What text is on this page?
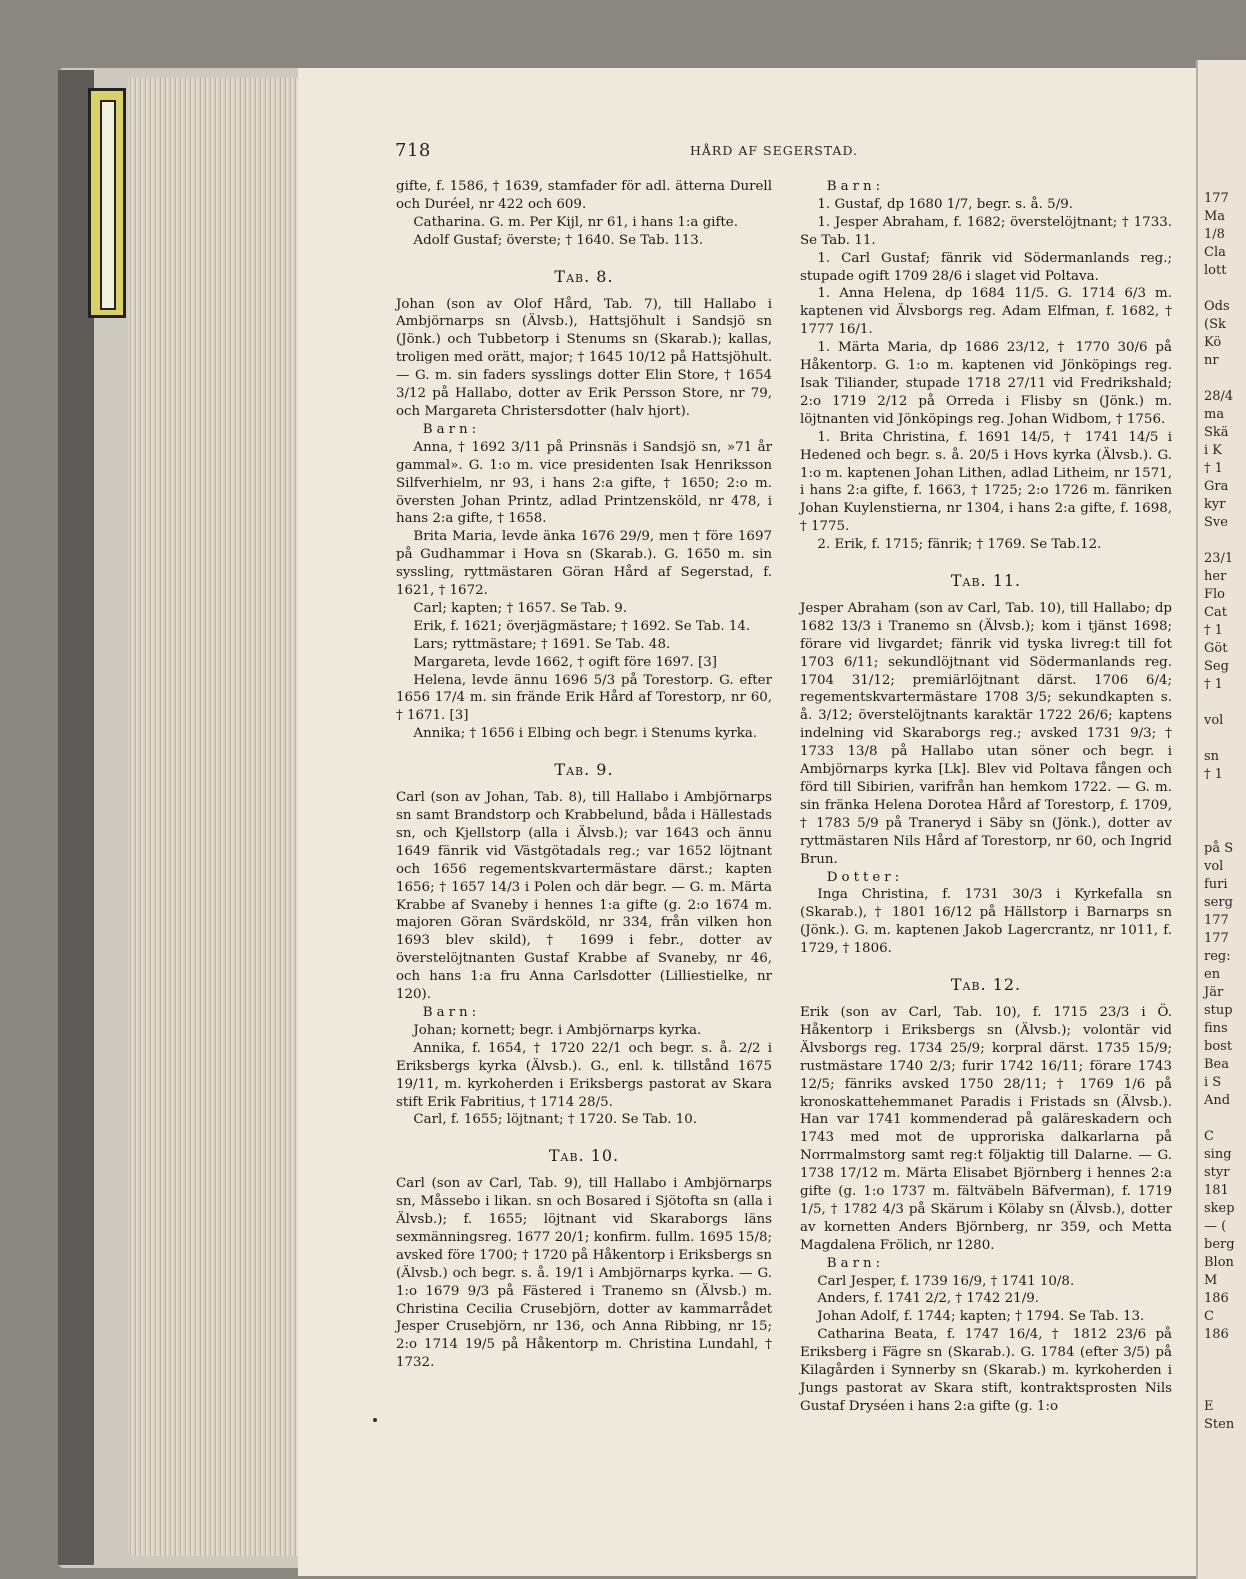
718	HÅRD AF SEGERSTAD.

gifte, f. 1586, † 1639, stamfader för adl. ätterna Durell och Duréel, nr 422 och 609.

Catharina. G. m. Per Kijl, nr 61, i hans 1:a gifte.

Adolf Gustaf; överste; † 1640. Se Tab. 113.

Tab. 8.

Johan (son av Olof Hård, Tab. 7), till Hallabo i Ambjörnarps sn (Älvsb.), Hattsjöhult i Sandsjö sn (Jönk.) och Tubbetorp i Stenums sn (Skarab.); kallas, troligen med orätt, major; † 1645 10/12 på Hattsjöhult. — G. m. sin faders sysslings dotter Elin Store, † 1654 3/12 på Hallabo, dotter av Erik Persson Store, nr 79, och Margareta Christersdotter (halv hjort).

Barn:

Anna, † 1692 3/11 på Prinsnäs i Sandsjö sn, »71 år gammal». G. 1:o m. vice presidenten Isak Henriksson Silfverhielm, nr 93, i hans 2:a gifte, † 1650; 2:o m. översten Johan Printz, adlad Printzensköld, nr 478, i hans 2:a gifte, † 1658.

Brita Maria, levde änka 1676 29/9, men † före 1697 på Gudhammar i Hova sn (Skarab.). G. 1650 m. sin syssling, ryttmästaren Göran Hård af Segerstad, f. 1621, † 1672.

Carl; kapten; † 1657. Se Tab. 9.

Erik, f. 1621; överjägmästare; † 1692. Se Tab. 14.

Lars; ryttmästare; † 1691. Se Tab. 48.

Margareta, levde 1662, † ogift före 1697. [3]

Helena, levde ännu 1696 5/3 på Torestorp. G. efter 1656 17/4 m. sin frände Erik Hård af Torestorp, nr 60, † 1671. [3]

Annika; † 1656 i Elbing och begr. i Stenums kyrka.

Tab. 9.

Carl (son av Johan, Tab. 8), till Hallabo i Ambjörnarps sn samt Brandstorp och Krabbelund, båda i Hällestads sn, och Kjellstorp (alla i Älvsb.); var 1643 och ännu 1649 fänrik vid Västgötadals reg.; var 1652 löjtnant och 1656 regementskvartermästare därst.; kapten 1656; † 1657 14/3 i Polen och där begr. — G. m. Märta Krabbe af Svaneby i hennes 1:a gifte (g. 2:o 1674 m. majoren Göran Svärdsköld, nr 334, från vilken hon 1693 blev skild), † 1699 i febr., dotter av överstelöjtnanten Gustaf Krabbe af Svaneby, nr 46, och hans 1:a fru Anna Carlsdotter (Lilliestielke, nr 120).

Barn:

Johan; kornett; begr. i Ambjörnarps kyrka.

Annika, f. 1654, † 1720 22/1 och begr. s. å. 2/2 i Eriksbergs kyrka (Älvsb.). G., enl. k. tillstånd 1675 19/11, m. kyrkoherden i Eriksbergs pastorat av Skara stift Erik Fabritius, † 1714 28/5.

Carl, f. 1655; löjtnant; † 1720. Se Tab. 10.

Tab. 10.

Carl (son av Carl, Tab. 9), till Hallabo i Ambjörnarps sn, Måssebo i likan. sn och Bosared i Sjötofta sn (alla i Älvsb.); f. 1655; löjtnant vid Skaraborgs läns sexmänningsreg. 1677 20/1; konfirm. fullm. 1695 15/8; avsked före 1700; † 1720 på Håkentorp i Eriksbergs sn (Älvsb.) och begr. s. å. 19/1 i Ambjörnarps kyrka. — G. 1:o 1679 9/3 på Fästered i Tranemo sn (Älvsb.) m. Christina Cecilia Crusebjörn, dotter av kammarrådet Jesper Crusebjörn, nr 136, och Anna Ribbing, nr 15; 2:o 1714 19/5 på Håkentorp m. Christina Lundahl, † 1732.

Barn:

1. Gustaf, dp 1680 1/7, begr. s. å. 5/9.

1. Jesper Abraham, f. 1682; överstelöjtnant; † 1733. Se Tab. 11.

1. Carl Gustaf; fänrik vid Södermanlands reg.; stupade ogift 1709 28/6 i slaget vid Poltava.

1. Anna Helena, dp 1684 11/5. G. 1714 6/3 m. kaptenen vid Älvsborgs reg. Adam Elfman, f. 1682, † 1777 16/1.

1. Märta Maria, dp 1686 23/12, † 1770 30/6 på Håkentorp. G. 1:o m. kaptenen vid Jönköpings reg. Isak Tiliander, stupade 1718 27/11 vid Fredrikshald; 2:o 1719 2/12 på Orreda i Flisby sn (Jönk.) m. löjtnanten vid Jönköpings reg. Johan Widbom, † 1756.

1. Brita Christina, f. 1691 14/5, † 1741 14/5 i Hedened och begr. s. å. 20/5 i Hovs kyrka (Älvsb.). G. 1:o m. kaptenen Johan Lithen, adlad Litheim, nr 1571, i hans 2:a gifte, f. 1663, † 1725; 2:o 1726 m. fänriken Johan Kuylenstierna, nr 1304, i hans 2:a gifte, f. 1698, † 1775.

2. Erik, f. 1715; fänrik; † 1769. Se Tab.12.

Tab. 11.

Jesper Abraham (son av Carl, Tab. 10), till Hallabo; dp 1682 13/3 i Tranemo sn (Älvsb.); kom i tjänst 1698; förare vid livgardet; fänrik vid tyska livreg:t till fot 1703 6/11; sekundlöjtnant vid Södermanlands reg. 1704 31/12; premiärlöjtnant därst. 1706 6/4; regementskvartermästare 1708 3/5; sekundkapten s. å. 3/12; överstelöjtnants karaktär 1722 26/6; kaptens indelning vid Skaraborgs reg.; avsked 1731 9/3; † 1733 13/8 på Hallabo utan söner och begr. i Ambjörnarps kyrka [Lk]. Blev vid Poltava fången och förd till Sibirien, varifrån han hemkom 1722. — G. m. sin fränka Helena Dorotea Hård af Torestorp, f. 1709, † 1783 5/9 på Traneryd i Säby sn (Jönk.), dotter av ryttmästaren Nils Hård af Torestorp, nr 60, och Ingrid Brun.

Dotter:

Inga Christina, f. 1731 30/3 i Kyrkefalla sn (Skarab.), † 1801 16/12 på Hällstorp i Barnarps sn (Jönk.). G. m. kaptenen Jakob Lagercrantz, nr 1011, f. 1729, † 1806.

Tab. 12.

Erik (son av Carl, Tab. 10), f. 1715 23/3 i Ö. Håkentorp i Eriksbergs sn (Älvsb.); volontär vid Älvsborgs reg. 1734 25/9; korpral därst. 1735 15/9; rustmästare 1740 2/3; furir 1742 16/11; förare 1743 12/5; fänriks avsked 1750 28/11; † 1769 1/6 på kronoskattehemmanet Paradis i Fristads sn (Älvsb.). Han var 1741 kommenderad på galäreskadern och 1743 med mot de upproriska dalkarlarna på Norrmalmstorg samt reg:t följaktig till Dalarne. — G. 1738 17/12 m. Märta Elisabet Björnberg i hennes 2:a gifte (g. 1:o 1737 m. fältväbeln Bäfverman), f. 1719 1/5, † 1782 4/3 på Skärum i Kölaby sn (Älvsb.), dotter av kornetten Anders Björnberg, nr 359, och Metta Magdalena Frölich, nr 1280.

Barn:

Carl Jesper, f. 1739 16/9, † 1741 10/8.

Anders, f. 1741 2/2, † 1742 21/9.

Johan Adolf, f. 1744; kapten; † 1794. Se Tab. 13.

Catharina Beata, f. 1747 16/4, † 1812 23/6 på Eriksberg i Fägre sn (Skarab.). G. 1784 (efter 3/5) på Kilagården i Synnerby sn (Skarab.) m. kyrkoherden i Jungs pastorat av Skara stift, kontraktsprosten Nils Gustaf Dryséen i hans 2:a gifte (g. 1:o

177
Ma
1/8
Cla
lott
Ods
(Sk
Kö
nr
28/4
ma
Skä
i K
† 1
Gra
kyr
Sve
23/1
her
Flo
Cat
† 1
Göt
Seg
† 1
vol
sn
† 1
på S
vol
furi
serg
177
177
reg:
en
Jär
stup
fins
bost
Bea
i S
And
C
sing
styr
181
skep
— (
berg
Blon
M
186
C
186
E
Sten
